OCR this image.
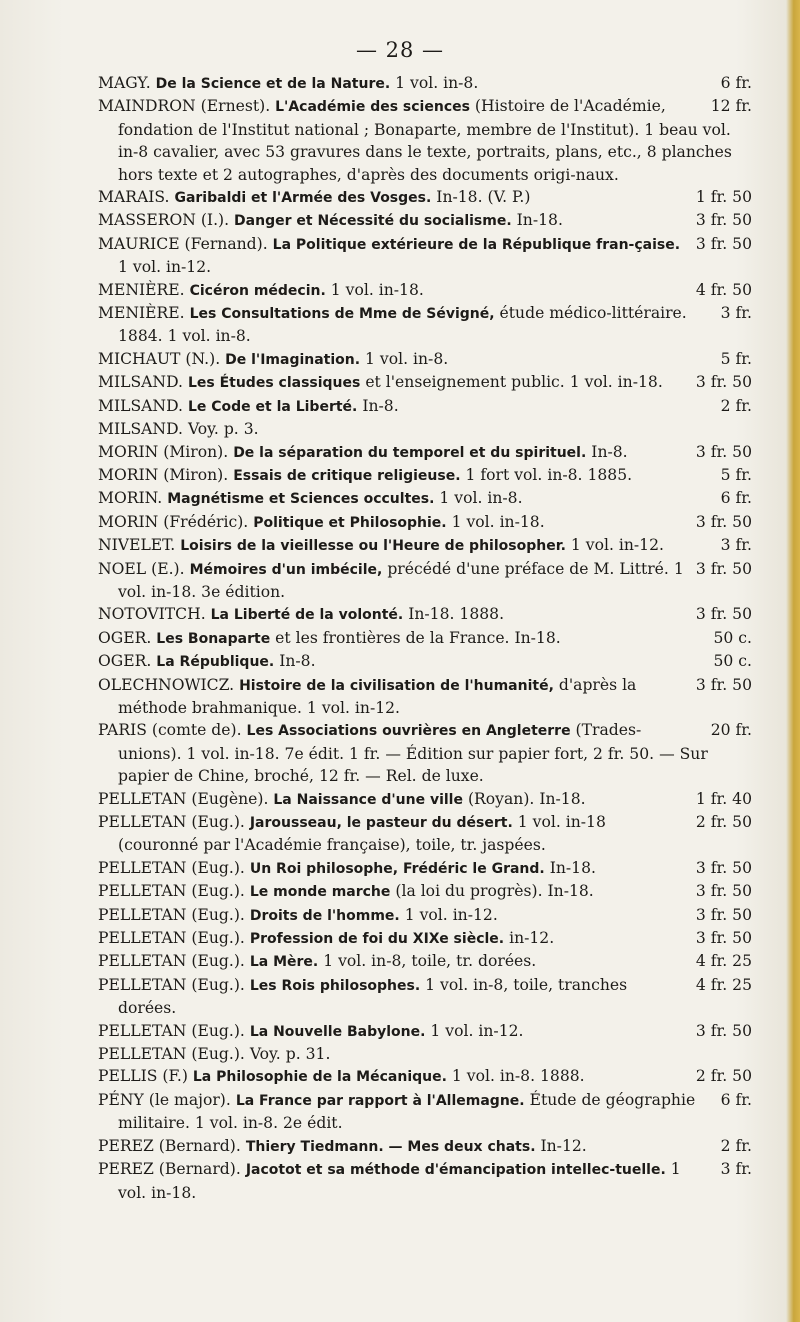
— 28 —

6 fr.
MAGY. De la Science et de la Nature. 1 vol. in-8.

12 fr.
MAINDRON (Ernest). L'Académie des sciences (Histoire de l'Académie, fondation de l'Institut national ; Bonaparte, membre de l'Institut). 1 beau vol. in-8 cavalier, avec 53 gravures dans le texte, portraits, plans, etc., 8 planches hors texte et 2 autographes, d'après des documents origi-naux.

1 fr. 50
MARAIS. Garibaldi et l'Armée des Vosges. In-18. (V. P.)

3 fr. 50
MASSERON (I.). Danger et Nécessité du socialisme. In-18.

3 fr. 50
MAURICE (Fernand). La Politique extérieure de la République fran-çaise. 1 vol. in-12.

4 fr. 50
MENIÈRE. Cicéron médecin. 1 vol. in-18.

3 fr.
MENIÈRE. Les Consultations de Mme de Sévigné, étude médico-littéraire. 1884. 1 vol. in-8.

5 fr.
MICHAUT (N.). De l'Imagination. 1 vol. in-8.

3 fr. 50
MILSAND. Les Études classiques et l'enseignement public. 1 vol. in-18.

2 fr.
MILSAND. Le Code et la Liberté. In-8.

MILSAND. Voy. p. 3.

3 fr. 50
MORIN (Miron). De la séparation du temporel et du spirituel. In-8.

5 fr.
MORIN (Miron). Essais de critique religieuse. 1 fort vol. in-8. 1885.

6 fr.
MORIN. Magnétisme et Sciences occultes. 1 vol. in-8.

3 fr. 50
MORIN (Frédéric). Politique et Philosophie. 1 vol. in-18.

3 fr.
NIVELET. Loisirs de la vieillesse ou l'Heure de philosopher. 1 vol. in-12.

3 fr. 50
NOEL (E.). Mémoires d'un imbécile, précédé d'une préface de M. Littré. 1 vol. in-18. 3e édition.

3 fr. 50
NOTOVITCH. La Liberté de la volonté. In-18. 1888.

50 c.
OGER. Les Bonaparte et les frontières de la France. In-18.

50 c.
OGER. La République. In-8.

3 fr. 50
OLECHNOWICZ. Histoire de la civilisation de l'humanité, d'après la méthode brahmanique. 1 vol. in-12.

20 fr.
PARIS (comte de). Les Associations ouvrières en Angleterre (Trades-unions). 1 vol. in-18. 7e édit. 1 fr. — Édition sur papier fort, 2 fr. 50. — Sur papier de Chine, broché, 12 fr. — Rel. de luxe.

1 fr. 40
PELLETAN (Eugène). La Naissance d'une ville (Royan). In-18.

2 fr. 50
PELLETAN (Eug.). Jarousseau, le pasteur du désert. 1 vol. in-18 (couronné par l'Académie française), toile, tr. jaspées.

3 fr. 50
PELLETAN (Eug.). Un Roi philosophe, Frédéric le Grand. In-18.

3 fr. 50
PELLETAN (Eug.). Le monde marche (la loi du progrès). In-18.

3 fr. 50
PELLETAN (Eug.). Droits de l'homme. 1 vol. in-12.

3 fr. 50
PELLETAN (Eug.). Profession de foi du XIXe siècle. in-12.

4 fr. 25
PELLETAN (Eug.). La Mère. 1 vol. in-8, toile, tr. dorées.

4 fr. 25
PELLETAN (Eug.). Les Rois philosophes. 1 vol. in-8, toile, tranches dorées.

3 fr. 50
PELLETAN (Eug.). La Nouvelle Babylone. 1 vol. in-12.

PELLETAN (Eug.). Voy. p. 31.

2 fr. 50
PELLIS (F.) La Philosophie de la Mécanique. 1 vol. in-8. 1888.

6 fr.
PÉNY (le major). La France par rapport à l'Allemagne. Étude de géographie militaire. 1 vol. in-8. 2e édit.

2 fr.
PEREZ (Bernard). Thiery Tiedmann. — Mes deux chats. In-12.

3 fr.
PEREZ (Bernard). Jacotot et sa méthode d'émancipation intellec-tuelle. 1 vol. in-18.
